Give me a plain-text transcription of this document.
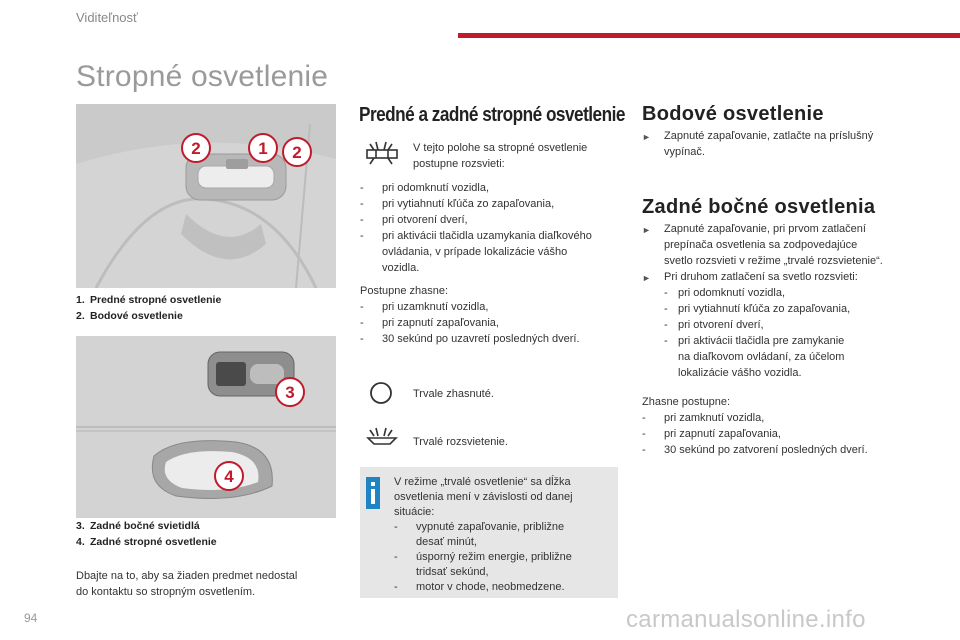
Viditeľnosť
Stropné osvetlenie
2	1 2
1. Predné stropné osvetlenie
2. Bodové osvetlenie
3
4
3. Zadné bočné svietidlá
4. Zadné stropné osvetlenie
Dbajte na to, aby sa žiaden predmet nedostal
do kontaktu so stropným osvetlením.
Predné a zadné stropné osvetlenie
V tejto polohe sa stropné osvetlenie
postupne rozsvieti:
-	pri odomknutí vozidla,
-	pri vytiahnutí kľúča zo zapaľovania,
-	pri otvorení dverí,
-	pri aktivácii tlačidla uzamykania diaľkového
ovládania, v prípade lokalizácie vášho
vozidla.
Postupne zhasne:
-	pri uzamknutí vozidla,
-	pri zapnutí zapaľovania,
-	30 sekúnd po uzavretí posledných dverí.
Trvale zhasnuté.
Trvalé rozsvietenie.
V režime „trvalé osvetlenie“ sa dĺžka
osvetlenia mení v závislosti od danej
situácie:
-	vypnuté zapaľovanie, približne
desať minút,
-	úsporný režim energie, približne
tridsať sekúnd,
-	motor v chode, neobmedzene.
Bodové osvetlenie
►	Zapnuté zapaľovanie, zatlačte na príslušný
vypínač.
Zadné bočné osvetlenia
►	Zapnuté zapaľovanie, pri prvom zatlačení
prepínača osvetlenia sa zodpovedajúce
svetlo rozsvieti v režime „trvalé rozsvietenie“.
►	Pri druhom zatlačení sa svetlo rozsvieti:
- pri odomknutí vozidla,
- pri vytiahnutí kľúča zo zapaľovania,
- pri otvorení dverí,
- pri aktivácii tlačidla pre zamykanie
na diaľkovom ovládaní, za účelom
lokalizácie vášho vozidla.
Zhasne postupne:
-	pri zamknutí vozidla,
-	pri zapnutí zapaľovania,
-	30 sekúnd po zatvorení posledných dverí.
94	carmanualsonline.info
